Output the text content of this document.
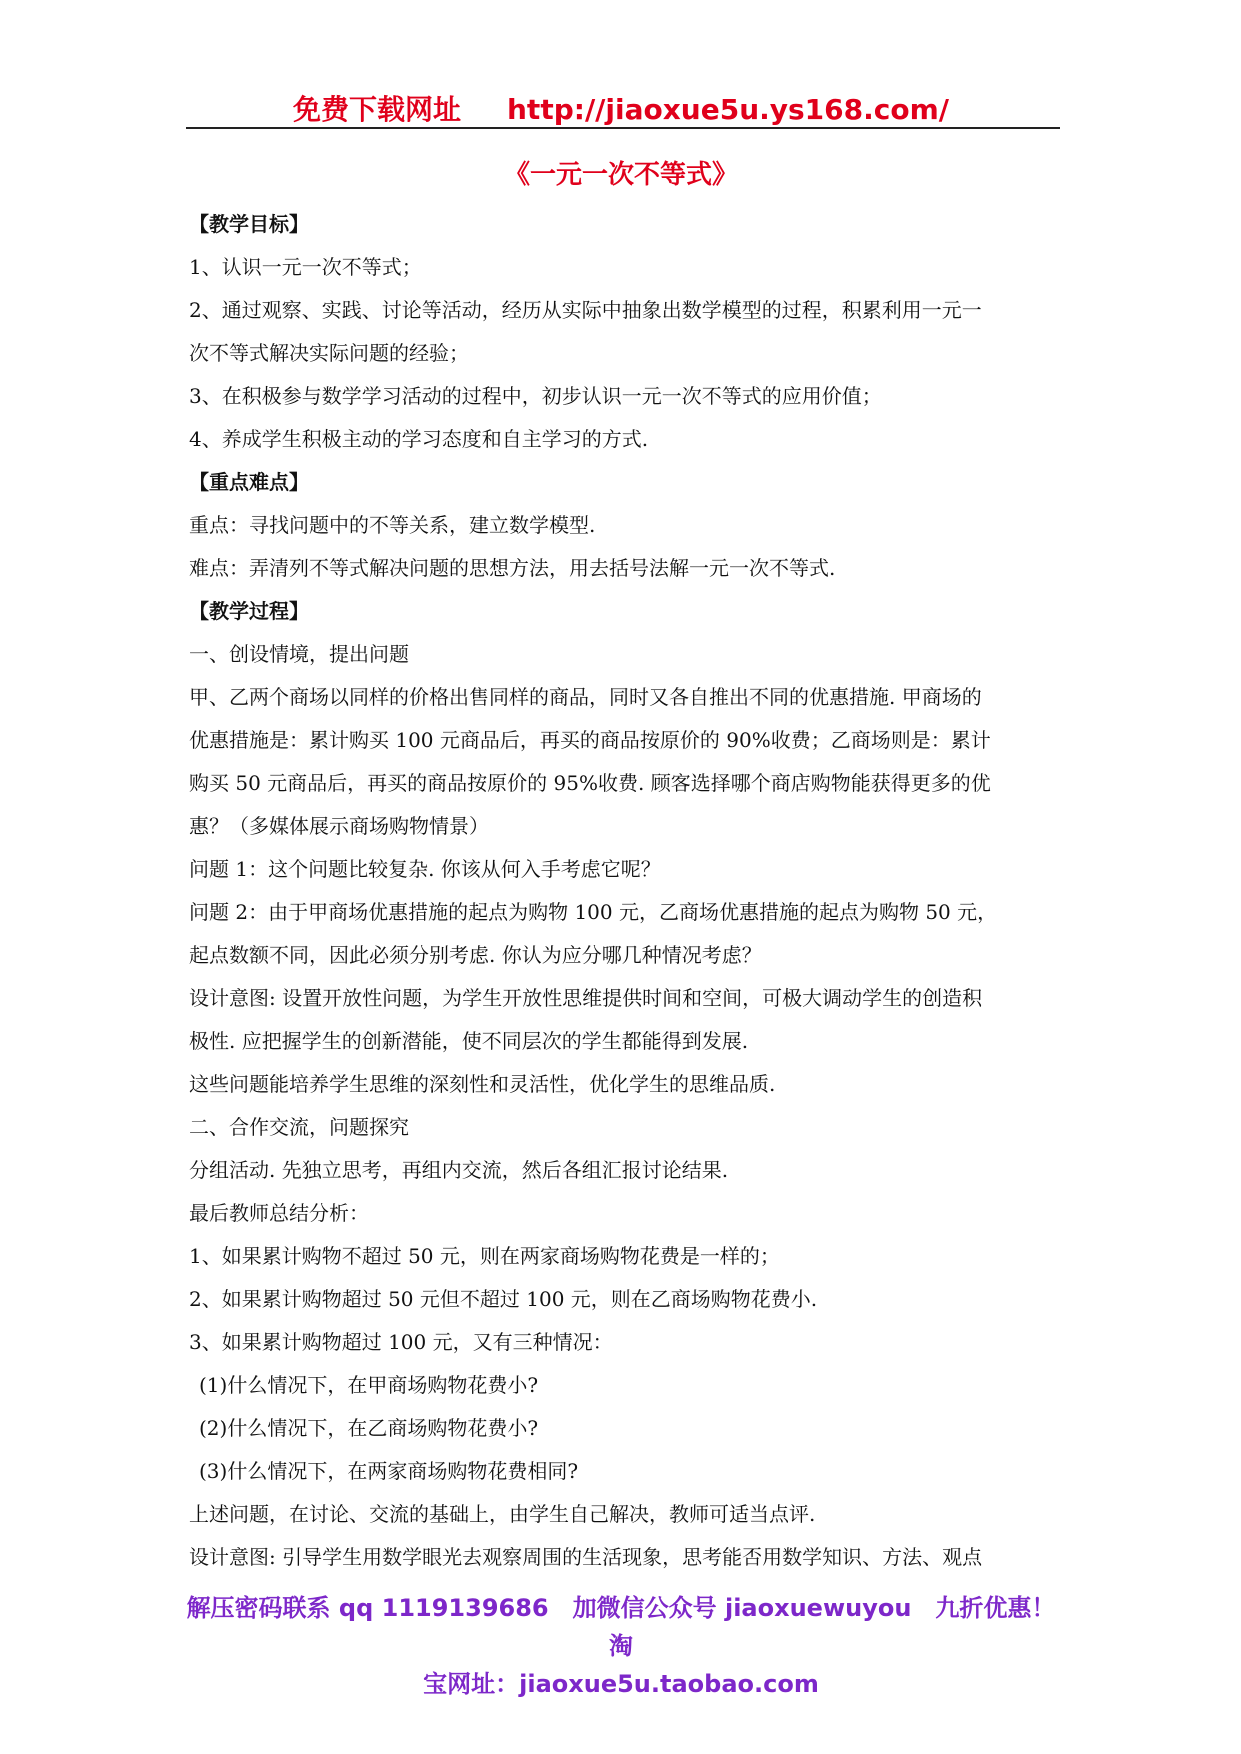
免费下载网址 http://jiaoxue5u.ys168.com/
《一元一次不等式》
【教学目标】
1、认识一元一次不等式；
2、通过观察、实践、讨论等活动，经历从实际中抽象出数学模型的过程，积累利用一元一
次不等式解决实际问题的经验；
3、在积极参与数学学习活动的过程中，初步认识一元一次不等式的应用价值；
4、养成学生积极主动的学习态度和自主学习的方式.
【重点难点】
重点：寻找问题中的不等关系，建立数学模型.
难点：弄清列不等式解决问题的思想方法，用去括号法解一元一次不等式.
【教学过程】
一、创设情境，提出问题
甲、乙两个商场以同样的价格出售同样的商品，同时又各自推出不同的优惠措施. 甲商场的
优惠措施是：累计购买 100 元商品后，再买的商品按原价的 90%收费；乙商场则是：累计
购买 50 元商品后，再买的商品按原价的 95%收费. 顾客选择哪个商店购物能获得更多的优
惠？（多媒体展示商场购物情景）
问题 1：这个问题比较复杂. 你该从何入手考虑它呢？
问题 2：由于甲商场优惠措施的起点为购物 100 元，乙商场优惠措施的起点为购物 50 元，
起点数额不同，因此必须分别考虑. 你认为应分哪几种情况考虑？
设计意图: 设置开放性问题，为学生开放性思维提供时间和空间，可极大调动学生的创造积
极性. 应把握学生的创新潜能，使不同层次的学生都能得到发展.
这些问题能培养学生思维的深刻性和灵活性，优化学生的思维品质.
二、合作交流，问题探究
分组活动. 先独立思考，再组内交流，然后各组汇报讨论结果.
最后教师总结分析：
1、如果累计购物不超过 50 元，则在两家商场购物花费是一样的；
2、如果累计购物超过 50 元但不超过 100 元，则在乙商场购物花费小.
3、如果累计购物超过 100 元，又有三种情况：
(1)什么情况下，在甲商场购物花费小?
(2)什么情况下，在乙商场购物花费小?
(3)什么情况下，在两家商场购物花费相同?
上述问题，在讨论、交流的基础上，由学生自己解决，教师可适当点评.
设计意图: 引导学生用数学眼光去观察周围的生活现象，思考能否用数学知识、方法、观点
解压密码联系 qq 1119139686　加微信公众号 jiaoxuewuyou　九折优惠！淘
宝网址：jiaoxue5u.taobao.com
